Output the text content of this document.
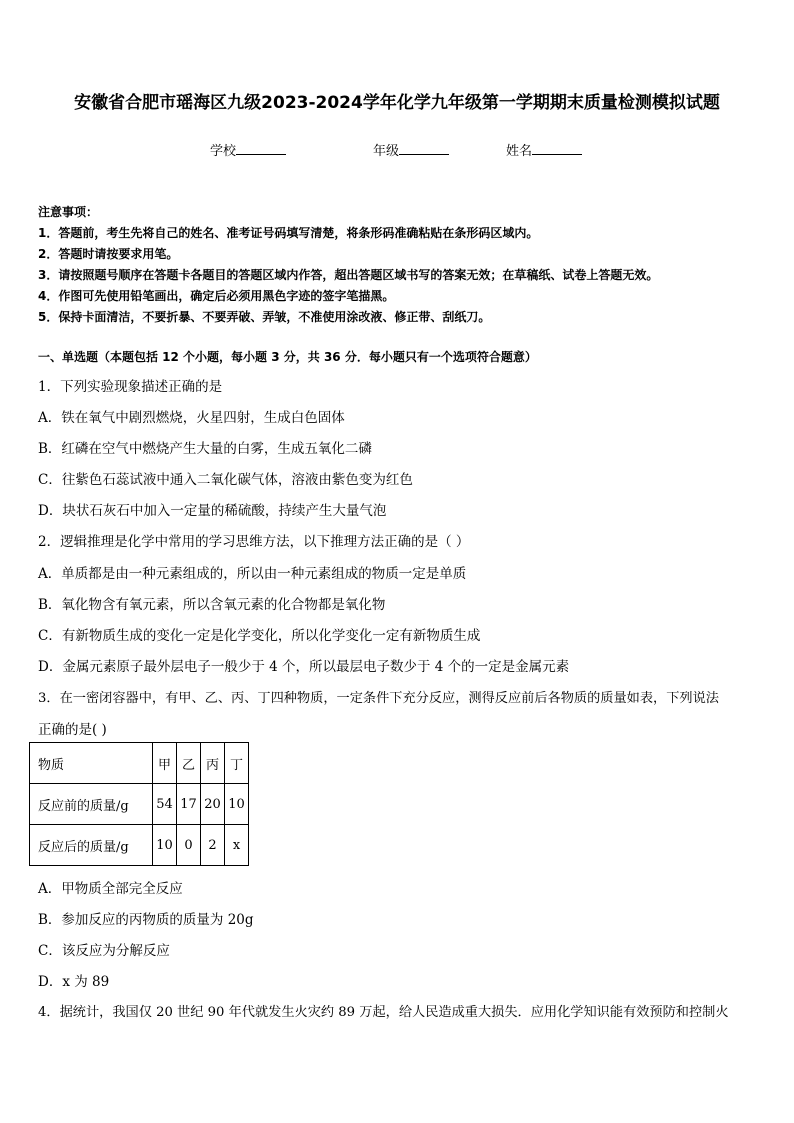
安徽省合肥市瑶海区九级2023-2024学年化学九年级第一学期期末质量检测模拟试题
学校	年级	姓名
注意事项：
1．答题前，考生先将自己的姓名、准考证号码填写清楚，将条形码准确粘贴在条形码区域内。
2．答题时请按要求用笔。
3．请按照题号顺序在答题卡各题目的答题区域内作答，超出答题区域书写的答案无效；在草稿纸、试卷上答题无效。
4．作图可先使用铅笔画出，确定后必须用黑色字迹的签字笔描黑。
5．保持卡面清洁，不要折暴、不要弄破、弄皱，不准使用涂改液、修正带、刮纸刀。
一、单选题（本题包括 12 个小题，每小题 3 分，共 36 分．每小题只有一个选项符合题意）
1．下列实验现象描述正确的是
A．铁在氧气中剧烈燃烧，火星四射，生成白色固体
B．红磷在空气中燃烧产生大量的白雾，生成五氧化二磷
C．往紫色石蕊试液中通入二氧化碳气体，溶液由紫色变为红色
D．块状石灰石中加入一定量的稀硫酸，持续产生大量气泡
2．逻辑推理是化学中常用的学习思维方法，以下推理方法正确的是（ ）
A．单质都是由一种元素组成的，所以由一种元素组成的物质一定是单质
B．氧化物含有氧元素，所以含氧元素的化合物都是氧化物
C．有新物质生成的变化一定是化学变化，所以化学变化一定有新物质生成
D．金属元素原子最外层电子一般少于 4 个，所以最层电子数少于 4 个的一定是金属元素
3．在一密闭容器中，有甲、乙、丙、丁四种物质，一定条件下充分反应，测得反应前后各物质的质量如表，下列说法
正确的是( )
物质	甲	乙	丙	丁
反应前的质量/g	54	17	20	10
反应后的质量/g	10	0	2	x
A．甲物质全部完全反应
B．参加反应的丙物质的质量为 20g
C．该反应为分解反应
D．x 为 89
4．据统计，我国仅 20 世纪 90 年代就发生火灾约 89 万起，给人民造成重大损失．应用化学知识能有效预防和控制火
